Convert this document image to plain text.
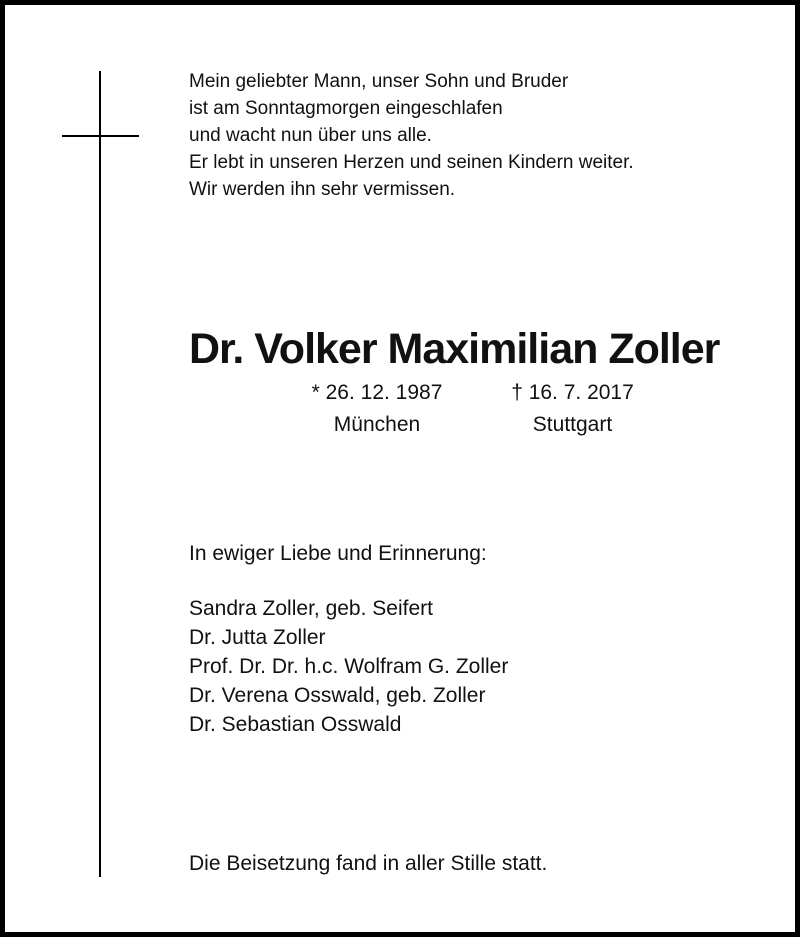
Mein geliebter Mann, unser Sohn und Bruder
ist am Sonntagmorgen eingeschlafen
und wacht nun über uns alle.
Er lebt in unseren Herzen und seinen Kindern weiter.
Wir werden ihn sehr vermissen.
Dr. Volker Maximilian Zoller
* 26. 12. 1987
München
† 16. 7. 2017
Stuttgart
In ewiger Liebe und Erinnerung:
Sandra Zoller, geb. Seifert
Dr. Jutta Zoller
Prof. Dr. Dr. h.c. Wolfram G. Zoller
Dr. Verena Osswald, geb. Zoller
Dr. Sebastian Osswald
Die Beisetzung fand in aller Stille statt.
